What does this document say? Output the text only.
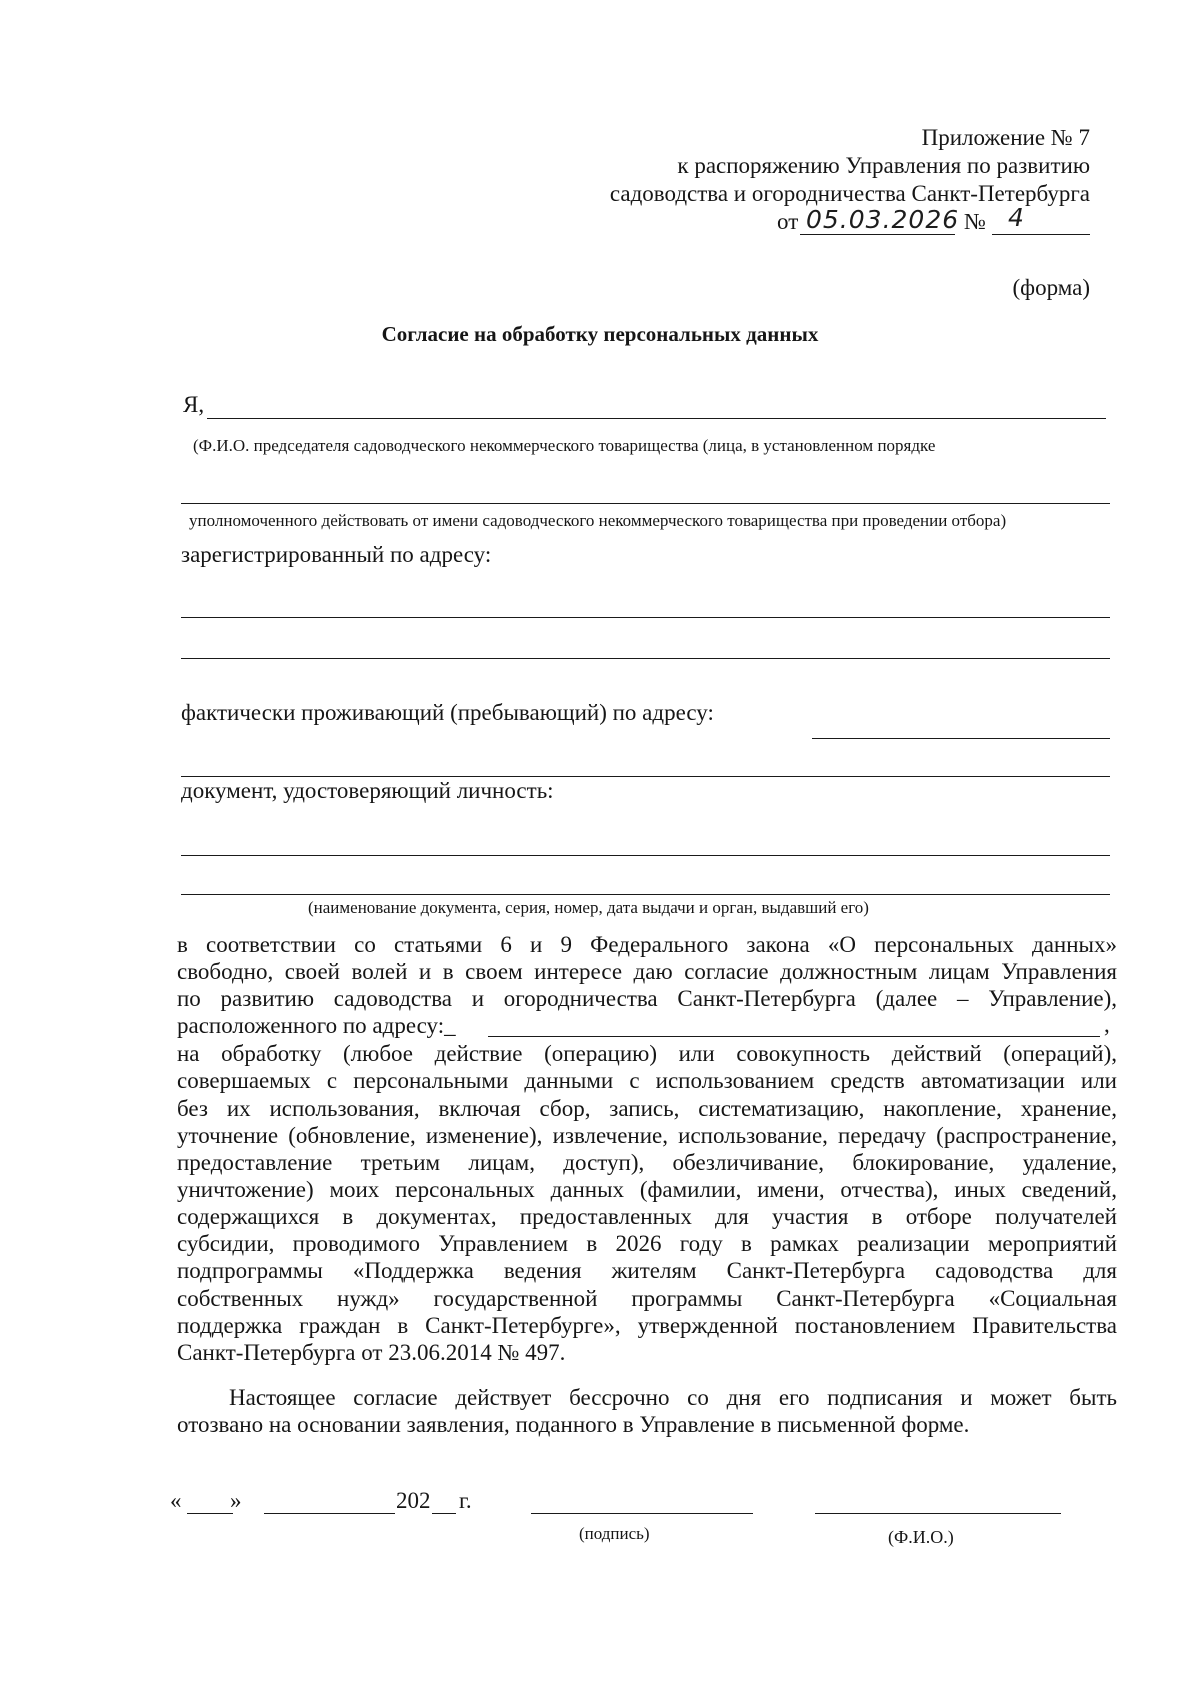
Приложение № 7
к распоряжению Управления по развитию
садоводства и огородничества Санкт-Петербурга
от 05.03.2026 № 4
(форма)
Согласие на обработку персональных данных
Я,
(Ф.И.О. председателя садоводческого некоммерческого товарищества (лица, в установленном порядке
уполномоченного действовать от имени садоводческого некоммерческого товарищества при проведении отбора)
зарегистрированный по адресу:
фактически проживающий (пребывающий) по адресу:
документ, удостоверяющий личность:
(наименование документа, серия, номер, дата выдачи и орган, выдавший его)
в соответствии со статьями 6 и 9 Федерального закона «О персональных данных»
свободно, своей волей и в своем интересе даю согласие должностным лицам Управления
по развитию садоводства и огородничества Санкт-Петербурга (далее – Управление),
расположенного по адресу:_	,
на обработку (любое действие (операцию) или совокупность действий (операций),
совершаемых с персональными данными с использованием средств автоматизации или
без их использования, включая сбор, запись, систематизацию, накопление, хранение,
уточнение (обновление, изменение), извлечение, использование, передачу (распространение,
предоставление третьим лицам, доступ), обезличивание, блокирование, удаление,
уничтожение) моих персональных данных (фамилии, имени, отчества), иных сведений,
содержащихся в документах, предоставленных для участия в отборе получателей
субсидии, проводимого Управлением в 2026 году в рамках реализации мероприятий
подпрограммы «Поддержка ведения жителям Санкт-Петербурга садоводства для
собственных нужд» государственной программы Санкт-Петербурга «Социальная
поддержка граждан в Санкт-Петербурге», утвержденной постановлением Правительства
Санкт-Петербурга от 23.06.2014 № 497.
Настоящее согласие действует бессрочно со дня его подписания и может быть
отозвано на основании заявления, поданного в Управление в письменной форме.
« »	202 г.
(подпись)	(Ф.И.О.)
